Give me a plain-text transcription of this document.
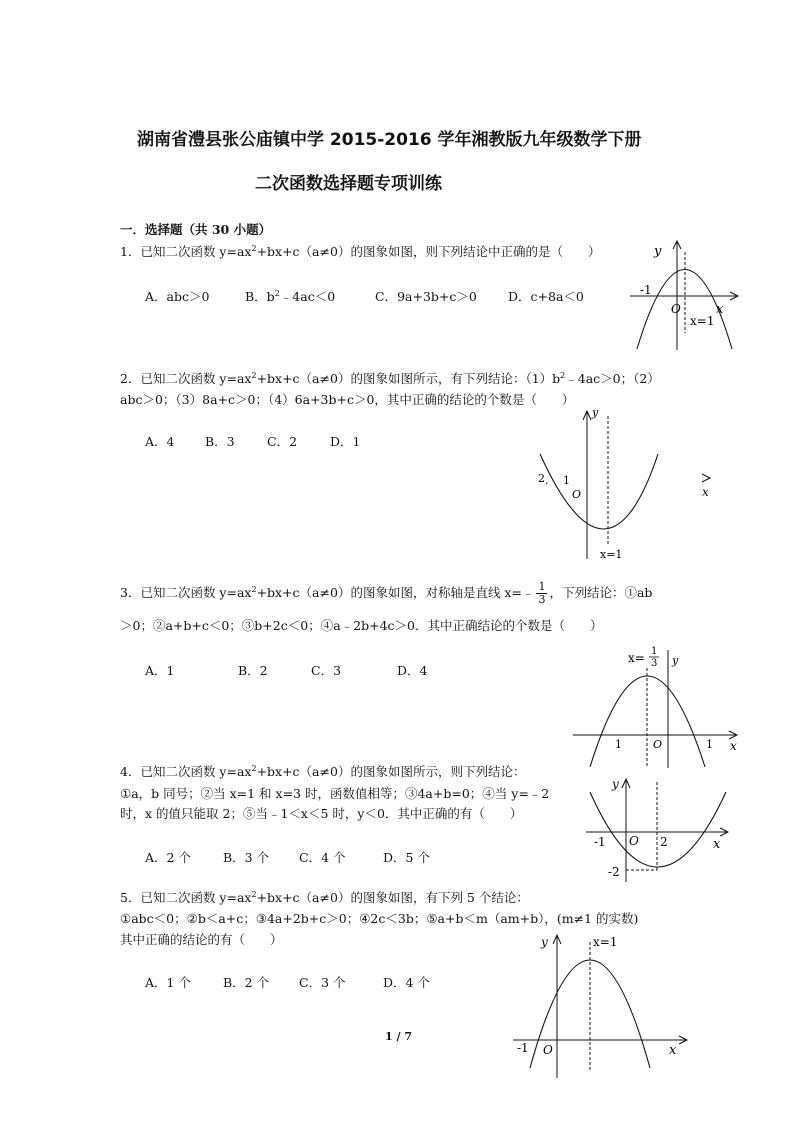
湖南省澧县张公庙镇中学 2015-2016 学年湘教版九年级数学下册
二次函数选择题专项训练
一．选择题（共 30 小题）
1．已知二次函数 $y=ax^2+bx+c(a\ne 0)$的图象如图，则下列结论中正确的是（　　）
A．abc＞0	B．$b^2﹣4ac<0$	C．9a+3b+c＞0 D．c+8a＜0
y
x
O
-1
x=1
2．已知二次函数 $y=ax^2+bx+c(a\ne 0)$的图象如图所示，有下列结论：$(1)b^2﹣4ac>0$；（2）
abc＞0；（3）8a+c＞0；（4）6a+3b+c＞0，其中正确的结论的个数是（　　）
A．4 B．3	C．2	D．1
y
x
O
2 . 1
x=1
3．已知二次函数 $y=ax^2+bx+c(a\ne 0)$的图象如图，对称轴是直线 x=﹣ $\frac{1}{3}$ ，下列结论：①ab
＞0；②a+b+c＜0；③b+2c＜0；④a﹣2b+4c＞0．其中正确结论的个数是（　　）
A．1	B．2	C．3	D．4
x= 1
3 y
x
O
1	1
4．已知二次函数 $y=ax^2+bx+c(a\ne 0)$的图象如图所示，则下列结论：
①a，b 同号；②当 x=1 和 x=3 时，函数值相等；③4a+b=0；④当 y=﹣2
时，x 的值只能取 2；⑤当﹣1＜x＜5 时，y＜0．其中正确的有（　　）
A．2 个	B．3 个 C．4 个	D．5 个
y
x
O
-1	2
-2
5．已知二次函数 $y=ax^2+bx+c(a\ne 0)$的图象如图，有下列 5 个结论：
①abc＜0；②b＜a+c；③4a+2b+c＞0；④2c＜3b；⑤a+b＜m（am+b），(m≠1 的实数)
其中正确的结论的有（　　）
A．1 个	B．2 个 C．3 个	D．4 个
y
x
O
-1
x=1
1 / 7
